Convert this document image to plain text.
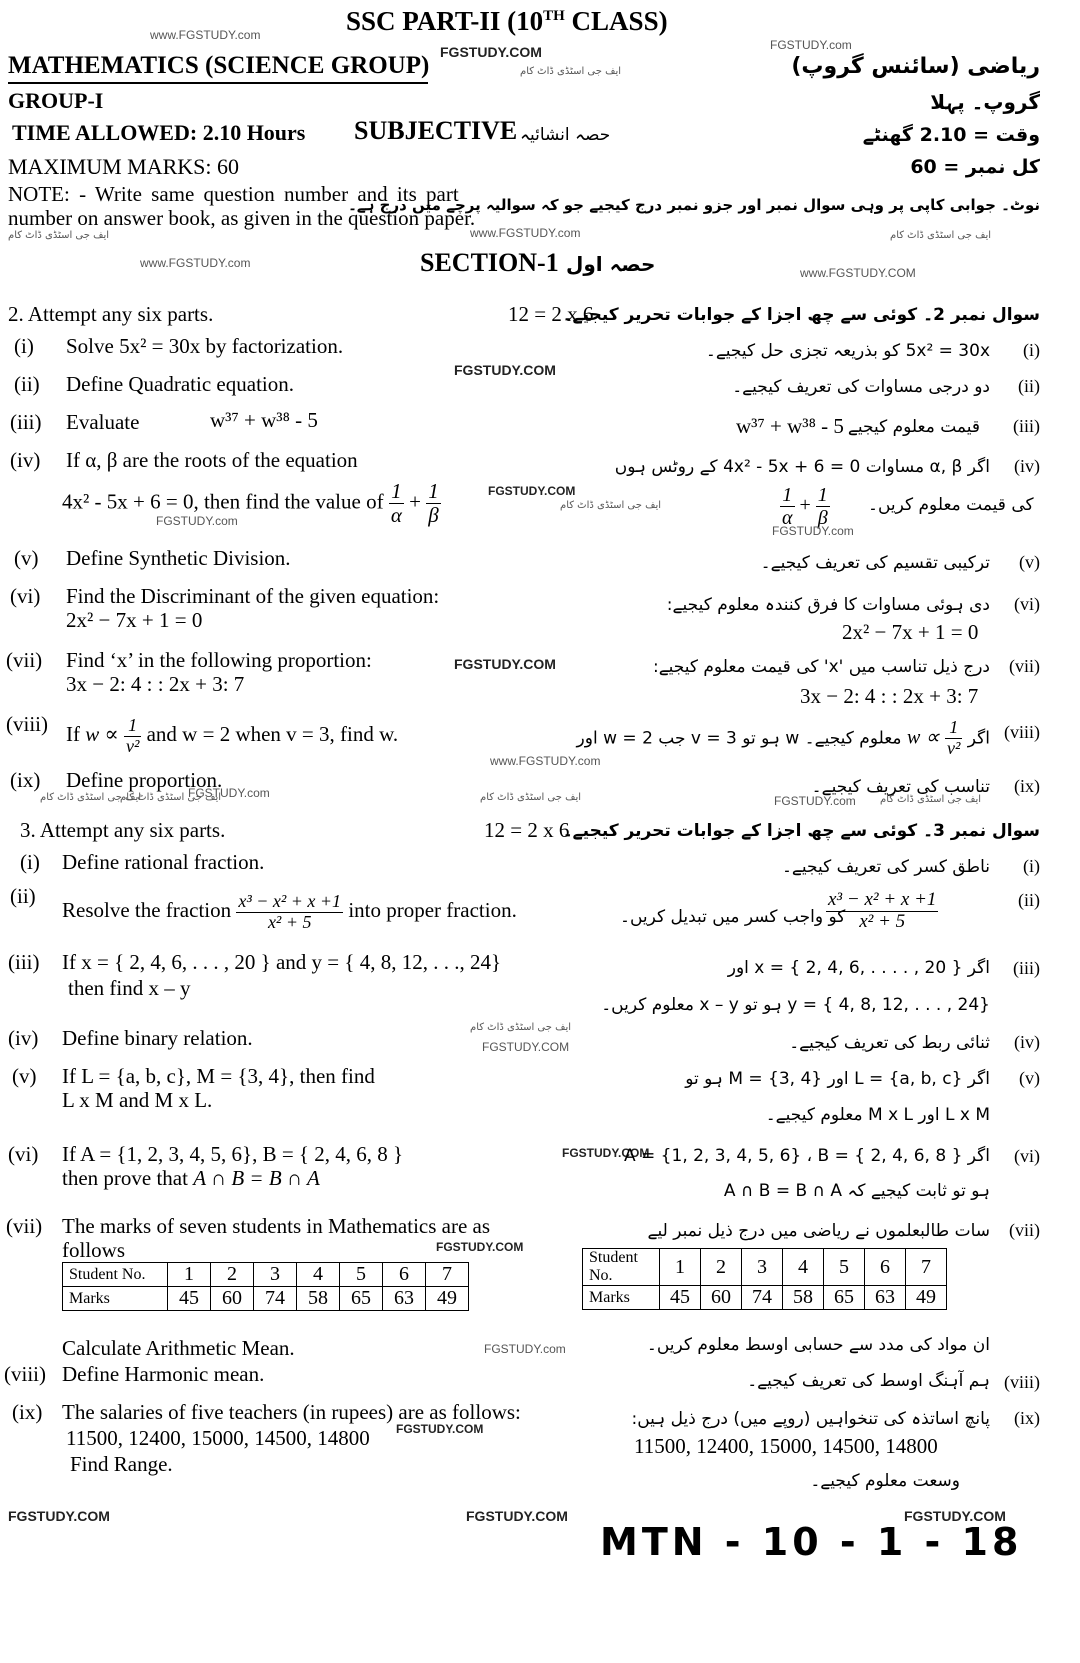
SSC PART-II (10TH CLASS)
www.FGSTUDY.com
FGSTUDY.com
MATHEMATICS (SCIENCE GROUP) FGSTUDY.COM
ایف جی اسٹڈی ڈاٹ کام	ریاضی (سائنس گروپ)
GROUP-I	گروپ۔ پہلا
TIME ALLOWED: 2.10 Hours SUBJECTIVE حصہ انشائیہ	وقت = 2.10 گھنٹے
MAXIMUM MARKS: 60	کل نمبر = 60
NOTE: - Write same question number and its part
number on answer book, as given in the question paper.
نوٹ۔ جوابی کاپی پر وہی سوال نمبر اور جزو نمبر درج کیجیے جو کہ سوالیہ پرچے میں درج ہے۔
ایف جی اسٹڈی ڈاٹ کام	www.FGSTUDY.com	ایف جی اسٹڈی ڈاٹ کام
www.FGSTUDY.com	SECTION-1 حصہ اول	www.FGSTUDY.COM
2. Attempt any six parts.	12 = 2 x 6
سوال نمبر 2۔ کوئی سے چھ اجزا کے جوابات تحریر کیجیے۔
(i) Solve 5x² = 30x by factorization.	5x² = 30x کو بذریعہ تجزی حل کیجیے۔ (i)
FGSTUDY.COM
(ii) Define Quadratic equation.	دو درجی مساوات کی تعریف کیجیے۔ (ii)
(iii) Evaluate	w³⁷ + w³⁸ - 5	w³⁷ + w³⁸ - 5 قیمت معلوم کیجیے (iii)
(iv) If α, β are the roots of the equation	اگر α, β مساوات 4x² - 5x + 6 = 0 کے روٹس ہوں (iv)
4x² - 5x + 6 = 0, then find the value of $\frac{1}{\alpha} + \frac{1}{\beta}$	FGSTUDY.COM
ایف جی اسٹڈی ڈاٹ کام
FGSTUDY.com	$\frac{1}{\alpha} + \frac{1}{\beta}$ کی قیمت معلوم کریں۔
FGSTUDY.com
(v) Define Synthetic Division.	ترکیبی تقسیم کی تعریف کیجیے۔ (v)
(vi) Find the Discriminant of the given equation:
2x² − 7x + 1 = 0
دی ہوئی مساوات کا فرق کنندہ معلوم کیجیے: (vi)
2x² − 7x + 1 = 0
(vii) Find ‘x’ in the following proportion:
3x − 2: 4 : : 2x + 3: 7
FGSTUDY.COM	درج ذیل تناسب میں 'x' کی قیمت معلوم کیجیے: (vii)
3x − 2: 4 : : 2x + 3: 7
(viii) If $w \propto \frac{1}{\text{v²}}$ and w = 2 when v = 3, find w.	اور w = 2 جب v = 3 ہو تو w معلوم کیجیے۔ $w \propto \frac{1}{\text{v²}}$ اگر (viii)
www.FGSTUDY.com
(ix) Define proportion.
FGSTUDY.com
ایف جی اسٹڈی ڈاٹ کام
ایف جی اسٹڈی ڈاٹ کام	ایف جی اسٹڈی ڈاٹ کام
تناسب کی تعریف کیجیے۔ (ix)
FGSTUDY.com ایف جی اسٹڈی ڈاٹ کام
3. Attempt any six parts.	12 = 2 x 6
سوال نمبر 3۔ کوئی سے چھ اجزا کے جوابات تحریر کیجیے۔
(i) Define rational fraction.	ناطق کسر کی تعریف کیجیے۔ (i)
(ii)
Resolve the fraction $\frac{\text{x³ − x² + x +1}}{\text{x² + 5}}$ into proper fraction.	$\frac{\text{x³ − x² + x +1}}{\text{x² + 5}}$
کو واجب کسر میں تبدیل کریں۔
(ii)
(iii) If x = { 2, 4, 6, . . . , 20 } and y = { 4, 8, 12, . . ., 24}
then find x – y
اگر x = { 2, 4, 6, . . . . , 20 } اور (iii)
y = { 4, 8, 12, . . . , 24} ہو تو x – y معلوم کریں۔
(iv) Define binary relation.	ایف جی اسٹڈی ڈاٹ کام
FGSTUDY.COM	ثنائی ربط کی تعریف کیجیے۔ (iv)
(v) If L = {a, b, c}, M = {3, 4}, then find
L x M and M x L.
اگر L = {a, b, c} اور M = {3, 4} ہو تو (v)
L x M اور M x L معلوم کیجیے۔
(vi) If A = {1, 2, 3, 4, 5, 6}, B = { 2, 4, 6, 8 }
then prove that A ∩ B = B ∩ A
FGSTUDY.COM
اگر A = {1, 2, 3, 4, 5, 6} ، B = { 2, 4, 6, 8 } (vi)
ہو تو ثابت کیجیے کہ A ∩ B = B ∩ A
(vii) The marks of seven students in Mathematics are as
follows	FGSTUDY.COM
سات طالبعلموں نے ریاضی میں درج ذیل نمبر لیے (vii)
Student No.	1	2	3	4	5	6	7
Marks	45	60	74	58	65	63	49
Student No.	1	2	3	4	5	6	7
Marks	45	60	74	58	65	63	49
Calculate Arithmetic Mean.	FGSTUDY.com	ان مواد کی مدد سے حسابی اوسط معلوم کریں۔
(viii) Define Harmonic mean.	ہم آہنگ اوسط کی تعریف کیجیے۔ (viii)
(ix) The salaries of five teachers (in rupees) are as follows:
11500, 12400, 15000, 14500, 14800 FGSTUDY.COM
Find Range.
پانچ اساتذہ کی تنخواہیں (روپے میں) درج ذیل ہیں: (ix)
11500, 12400, 15000, 14500, 14800
وسعت معلوم کیجیے۔
FGSTUDY.COM	FGSTUDY.COM	FGSTUDY.COM
MTN - 10 - 1 - 18
